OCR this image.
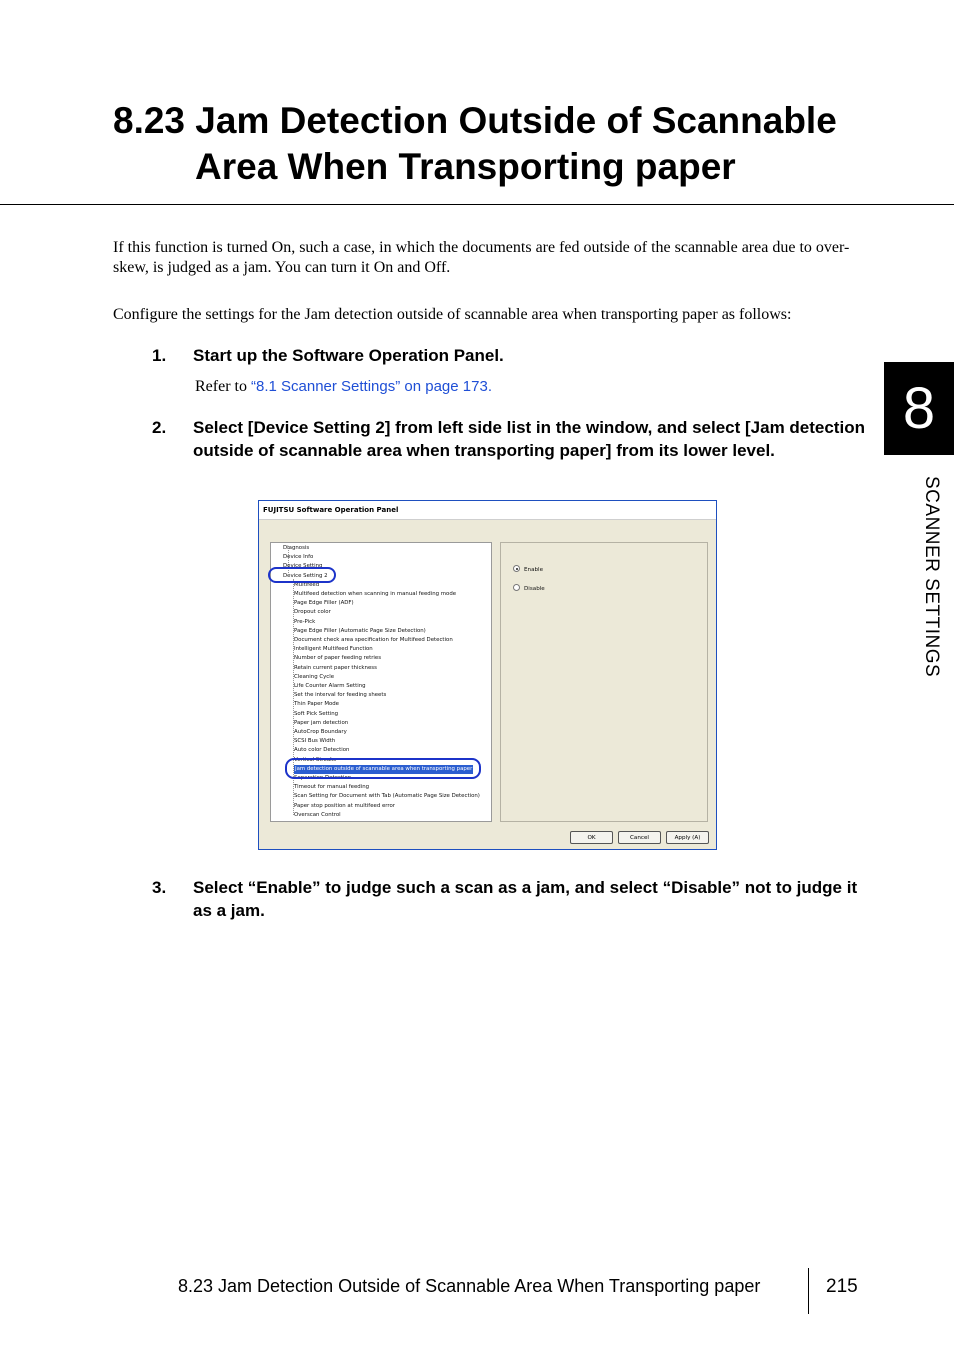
8.23 Jam Detection Outside of Scannable
Area When Transporting paper

If this function is turned On, such a case, in which the documents are fed outside of the scannable area due to over-skew, is judged as a jam. You can turn it On and Off.

Configure the settings for the Jam detection outside of scannable area when transporting paper as follows:

1. Start up the Software Operation Panel.
Refer to “8.1 Scanner Settings” on page 173.
2. Select [Device Setting 2] from left side list in the window, and select [Jam detection outside of scannable area when transporting paper] from its lower level.
FUJITSU Software Operation Panel
Diagnosis
Device Info
Device Setting
Device Setting 2
Multifeed
Multifeed detection when scanning in manual feeding mode
Page Edge Filler (ADF)
Dropout color
Pre-Pick
Page Edge Filler (Automatic Page Size Detection)
Document check area specification for Multifeed Detection
Intelligent Multifeed Function
Number of paper feeding retries
Retain current paper thickness
Cleaning Cycle
Life Counter Alarm Setting
Set the interval for feeding sheets
Thin Paper Mode
Soft Pick Setting
Paper jam detection
AutoCrop Boundary
SCSI Bus Width
Auto color Detection
Vertical Streaks
Jam detection outside of scannable area when transporting paper
Separation Detection
Timeout for manual feeding
Scan Setting for Document with Tab (Automatic Page Size Detection)
Paper stop position at multifeed error
Overscan Control
Enable
Disable
OK	Cancel	Apply (A)
3. Select “Enable” to judge such a scan as a jam, and select “Disable” not to judge it as a jam.
8
SCANNER SETTINGS
8.23 Jam Detection Outside of Scannable Area When Transporting paper	215
